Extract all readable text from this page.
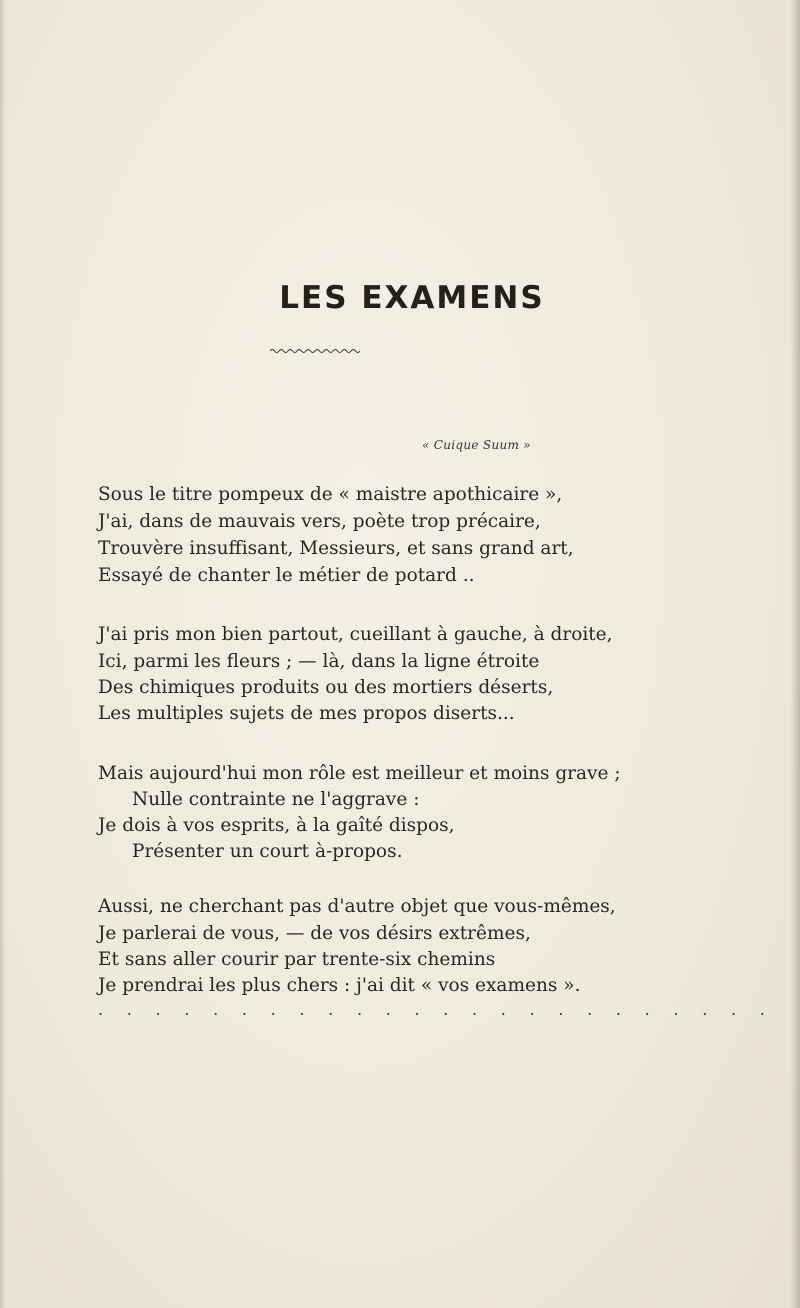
LES EXAMENS
« Cuique Suum »
Sous le titre pompeux de « maistre apothicaire »,
J'ai, dans de mauvais vers, poète trop précaire,
Trouvère insuffisant, Messieurs, et sans grand art,
Essayé de chanter le métier de potard ..
J'ai pris mon bien partout, cueillant à gauche, à droite,
Ici, parmi les fleurs ; — là, dans la ligne étroite
Des chimiques produits ou des mortiers déserts,
Les multiples sujets de mes propos diserts...
Mais aujourd'hui mon rôle est meilleur et moins grave ;
Nulle contrainte ne l'aggrave :
Je dois à vos esprits, à la gaîté dispos,
Présenter un court à-propos.
Aussi, ne cherchant pas d'autre objet que vous-mêmes,
Je parlerai de vous, — de vos désirs extrêmes,
Et sans aller courir par trente-six chemins
Je prendrai les plus chers : j'ai dit « vos examens ».
. . . . . . . . . . . . . . . . . . . . . . . .
